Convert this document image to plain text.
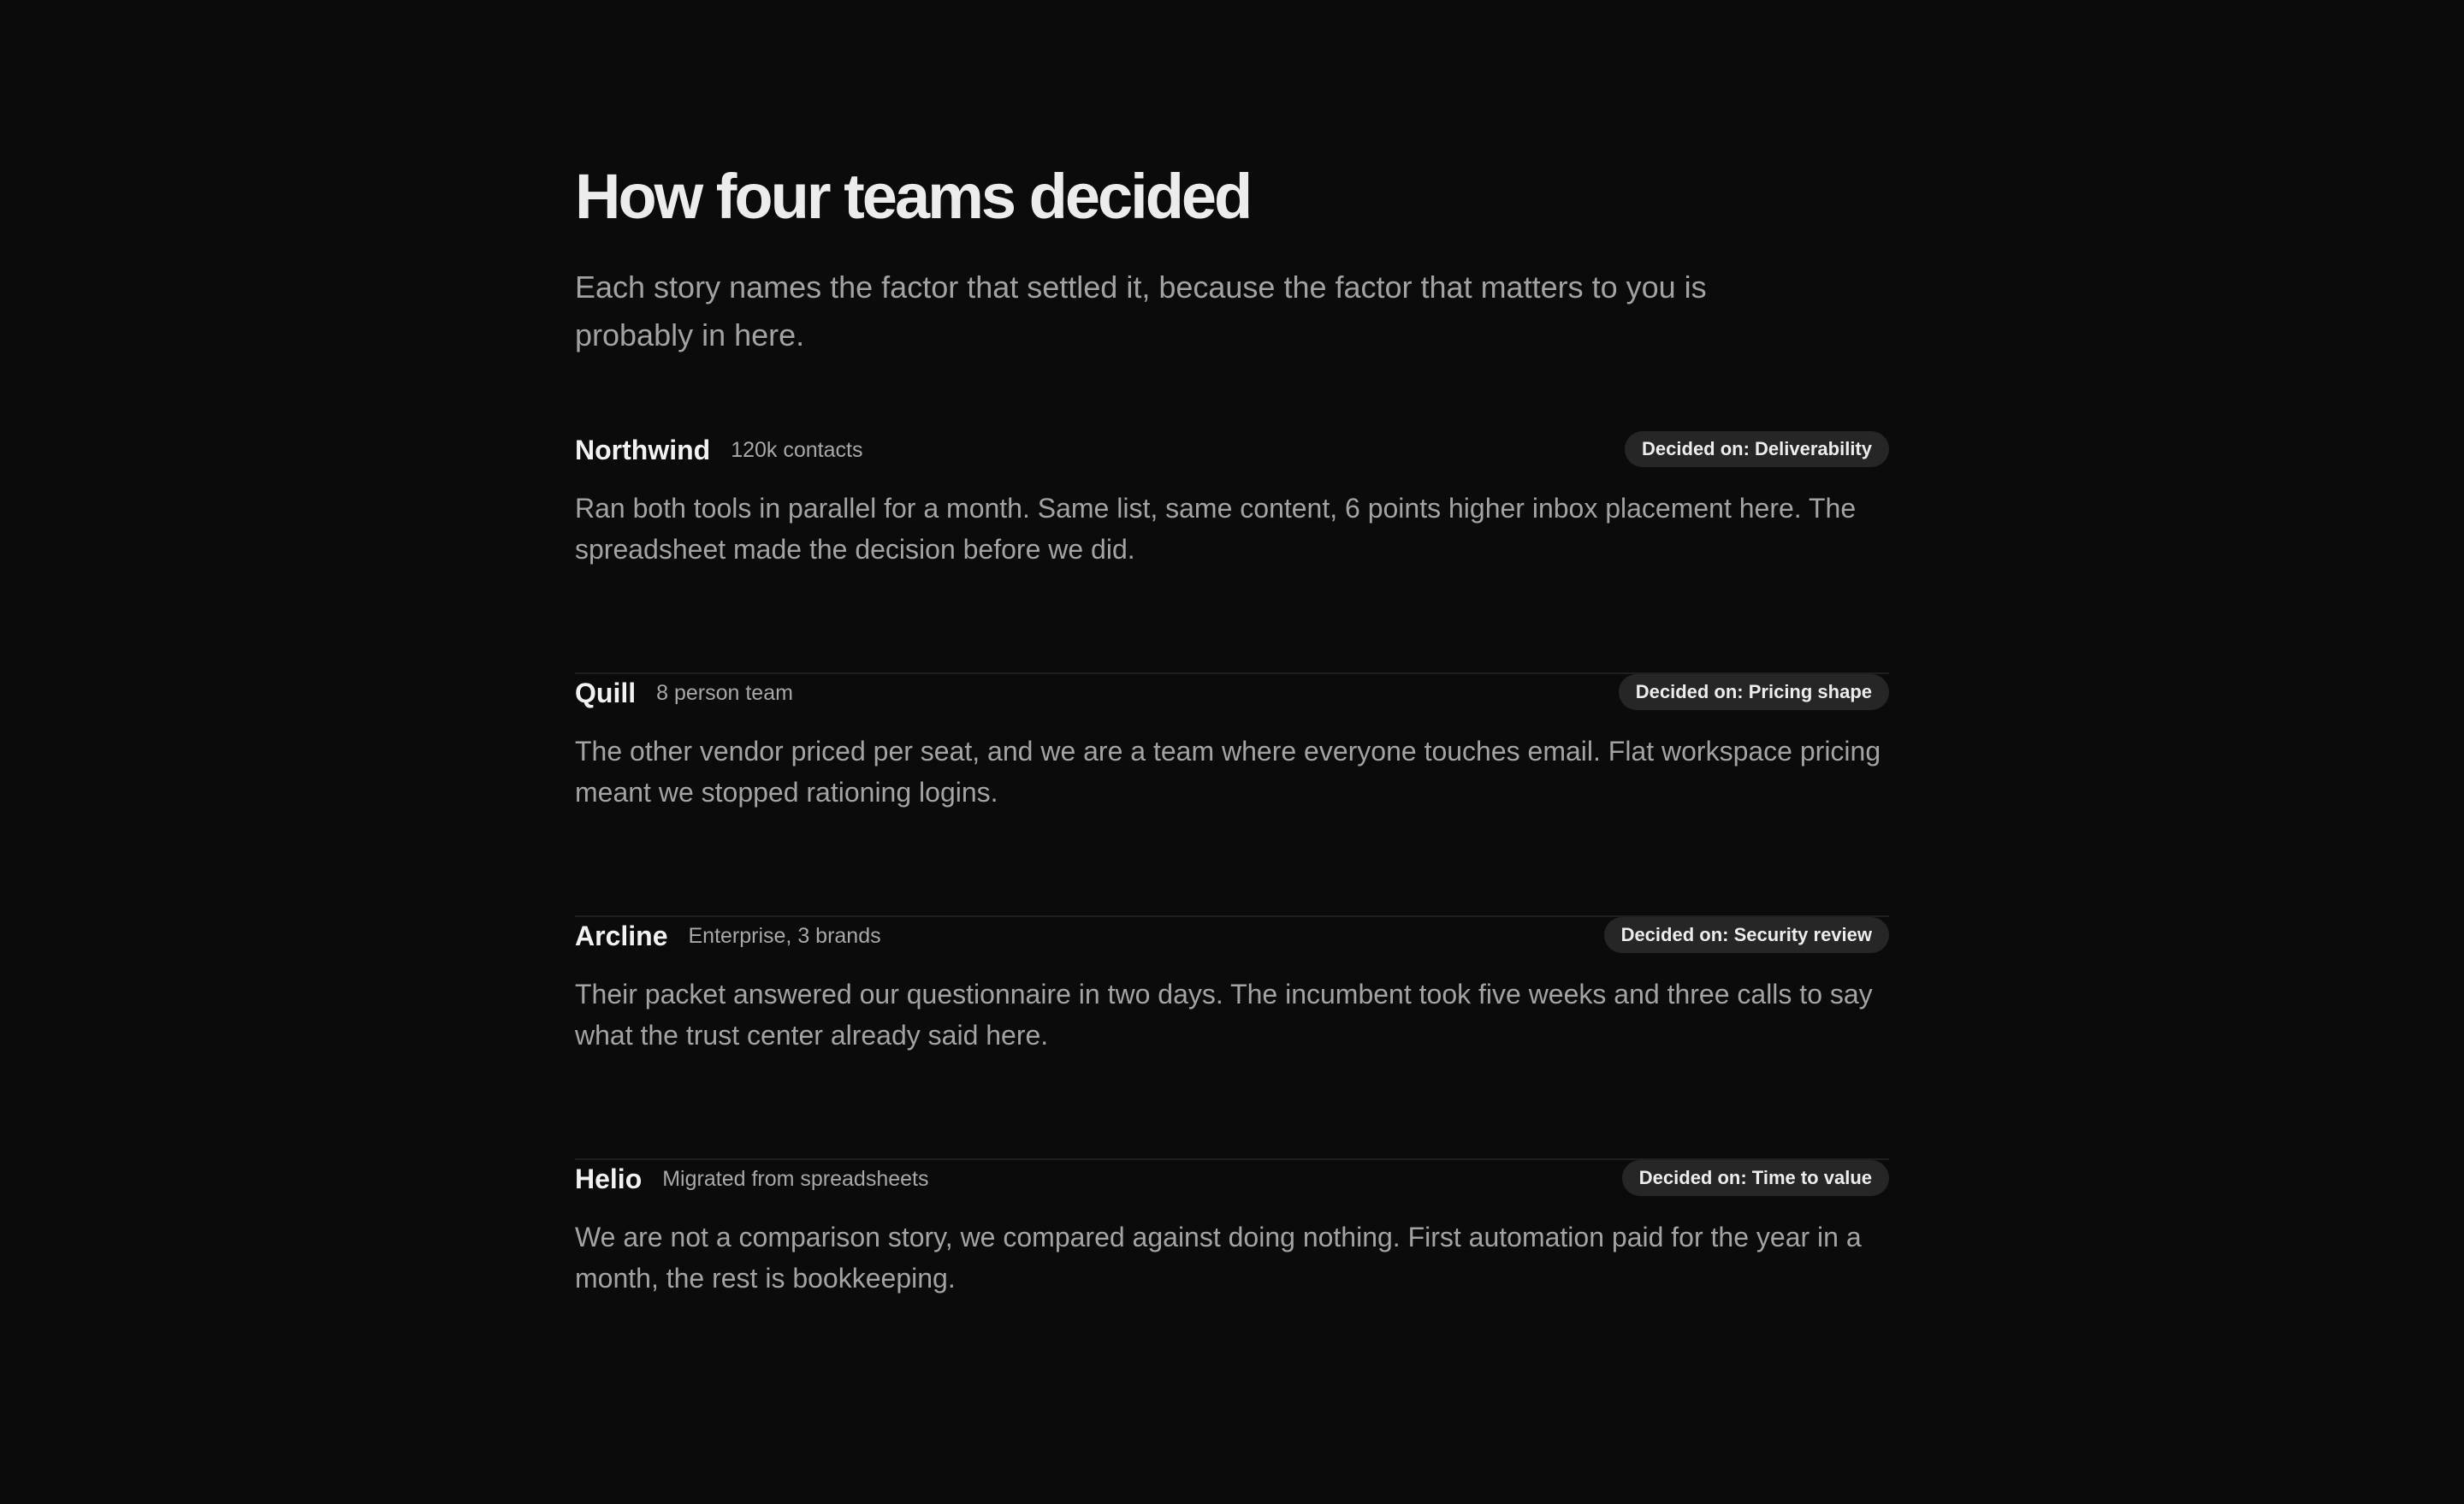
How four teams decided

Each story names the factor that settled it, because the factor that matters to you is probably in here.

Northwind 120k contacts	Decided on: Deliverability

Ran both tools in parallel for a month. Same list, same content, 6 points higher inbox placement here. The spreadsheet made the decision before we did.

Quill 8 person team	Decided on: Pricing shape

The other vendor priced per seat, and we are a team where everyone touches email. Flat workspace pricing meant we stopped rationing logins.

Arcline Enterprise, 3 brands	Decided on: Security review

Their packet answered our questionnaire in two days. The incumbent took five weeks and three calls to say what the trust center already said here.

Helio Migrated from spreadsheets	Decided on: Time to value

We are not a comparison story, we compared against doing nothing. First automation paid for the year in a month, the rest is bookkeeping.
